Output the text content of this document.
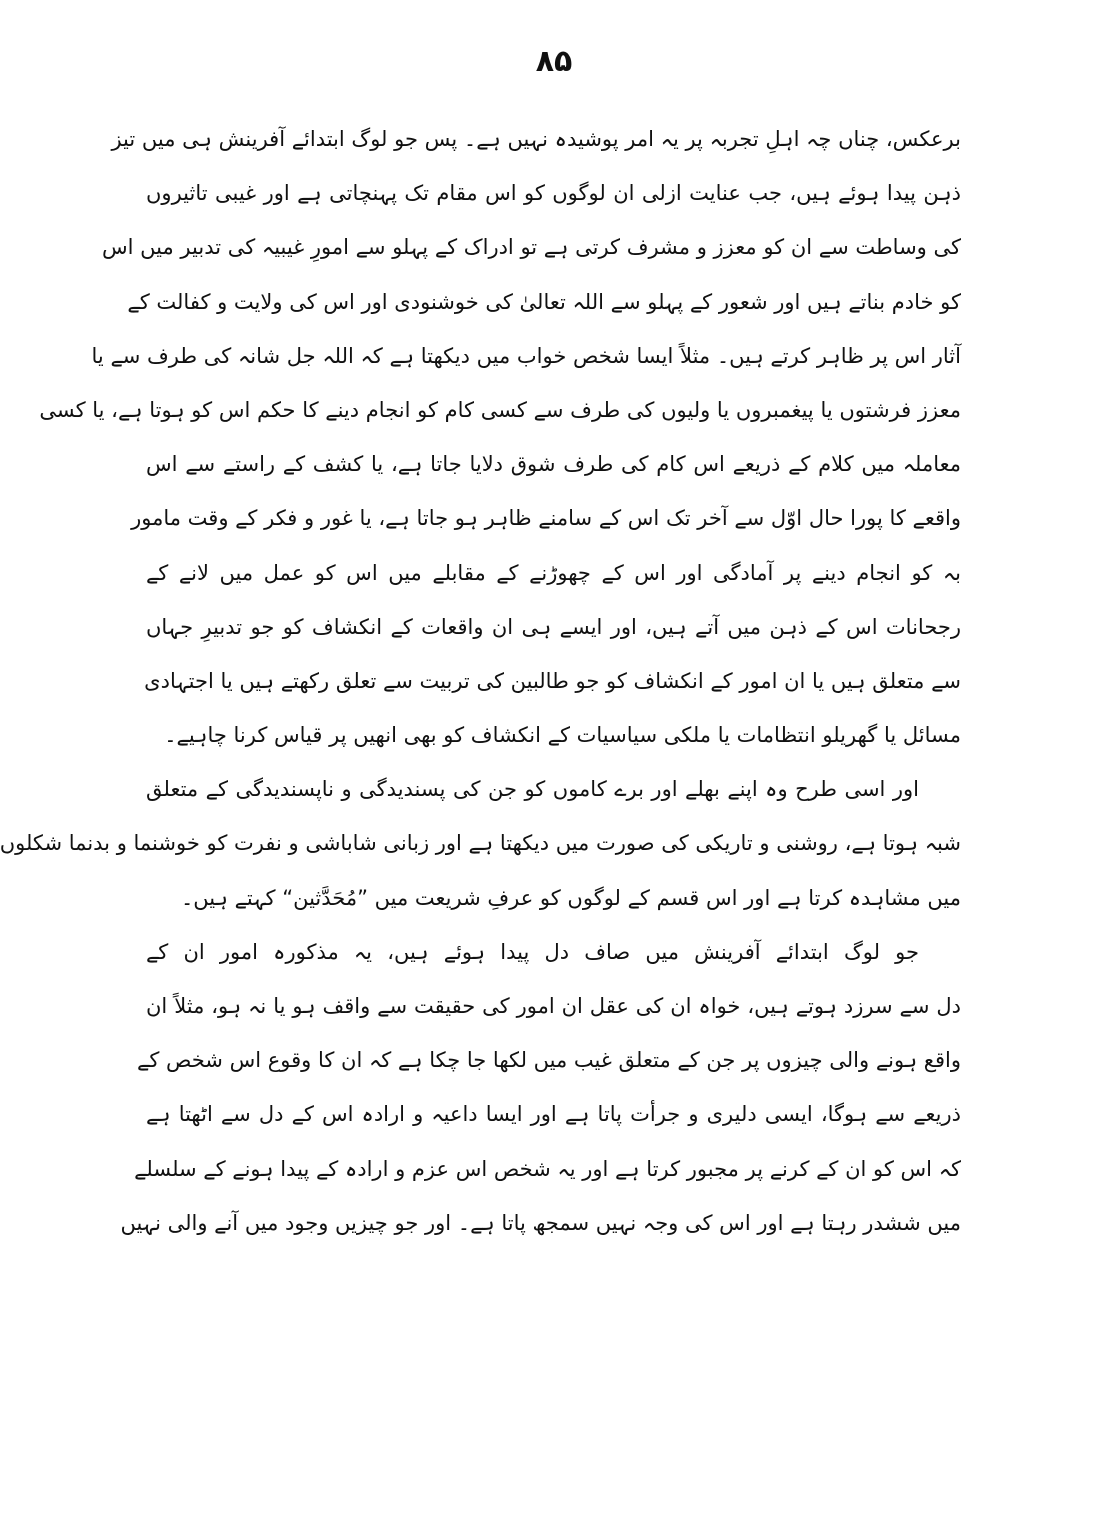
۸۵
برعکس، چناں چہ اہلِ تجربہ پر یہ امر پوشیدہ نہیں ہے۔ پس جو لوگ ابتدائے آفرینش ہی میں تیز
ذہن پیدا ہوئے ہیں، جب عنایت ازلی ان لوگوں کو اس مقام تک پہنچاتی ہے اور غیبی تاثیروں
کی وساطت سے ان کو معزز و مشرف کرتی ہے تو ادراک کے پہلو سے امورِ غیبیہ کی تدبیر میں اس
کو خادم بناتے ہیں اور شعور کے پہلو سے اللہ تعالیٰ کی خوشنودی اور اس کی ولایت و کفالت کے
آثار اس پر ظاہر کرتے ہیں۔ مثلاً ایسا شخص خواب میں دیکھتا ہے کہ اللہ جل شانہ کی طرف سے یا
معزز فرشتوں یا پیغمبروں یا ولیوں کی طرف سے کسی کام کو انجام دینے کا حکم اس کو ہوتا ہے، یا کسی
معاملہ میں کلام کے ذریعے اس کام کی طرف شوق دلایا جاتا ہے، یا کشف کے راستے سے اس
واقعے کا پورا حال اوّل سے آخر تک اس کے سامنے ظاہر ہو جاتا ہے، یا غور و فکر کے وقت مامور
بہ کو انجام دینے پر آمادگی اور اس کے چھوڑنے کے مقابلے میں اس کو عمل میں لانے کے
رجحانات اس کے ذہن میں آتے ہیں، اور ایسے ہی ان واقعات کے انکشاف کو جو تدبیرِ جہاں
سے متعلق ہیں یا ان امور کے انکشاف کو جو طالبین کی تربیت سے تعلق رکھتے ہیں یا اجتہادی
مسائل یا گھریلو انتظامات یا ملکی سیاسیات کے انکشاف کو بھی انھیں پر قیاس کرنا چاہیے۔
اور اسی طرح وہ اپنے بھلے اور برے کاموں کو جن کی پسندیدگی و ناپسندیدگی کے متعلق
شبہ ہوتا ہے، روشنی و تاریکی کی صورت میں دیکھتا ہے اور زبانی شاباشی و نفرت کو خوشنما و بدنما شکلوں
میں مشاہدہ کرتا ہے اور اس قسم کے لوگوں کو عرفِ شریعت میں ”مُحَدَّثین“ کہتے ہیں۔
جو لوگ ابتدائے آفرینش میں صاف دل پیدا ہوئے ہیں، یہ مذکورہ امور ان کے
دل سے سرزد ہوتے ہیں، خواہ ان کی عقل ان امور کی حقیقت سے واقف ہو یا نہ ہو، مثلاً ان
واقع ہونے والی چیزوں پر جن کے متعلق غیب میں لکھا جا چکا ہے کہ ان کا وقوع اس شخص کے
ذریعے سے ہوگا، ایسی دلیری و جرأت پاتا ہے اور ایسا داعیہ و ارادہ اس کے دل سے اٹھتا ہے
کہ اس کو ان کے کرنے پر مجبور کرتا ہے اور یہ شخص اس عزم و ارادہ کے پیدا ہونے کے سلسلے
میں ششدر رہتا ہے اور اس کی وجہ نہیں سمجھ پاتا ہے۔ اور جو چیزیں وجود میں آنے والی نہیں
